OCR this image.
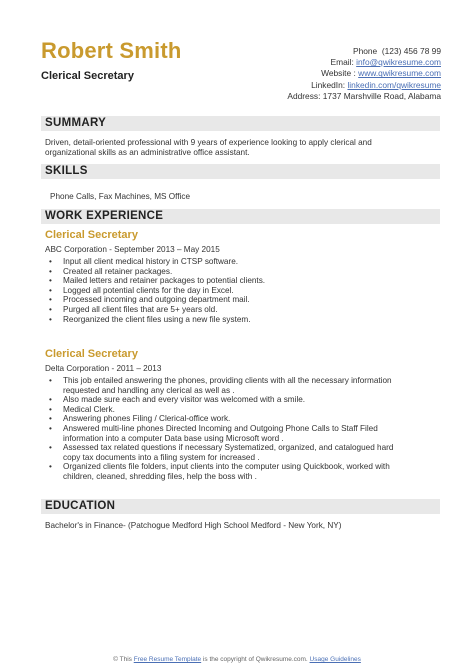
Robert Smith
Clerical Secretary
Phone (123) 456 78 99
Email: info@qwikresume.com
Website : www.qwikresume.com
LinkedIn: linkedin.com/qwikresume
Address: 1737 Marshville Road, Alabama
SUMMARY
Driven, detail-oriented professional with 9 years of experience looking to apply clerical and
organizational skills as an administrative office assistant.
SKILLS
Phone Calls, Fax Machines, MS Office
WORK EXPERIENCE
Clerical Secretary
ABC Corporation - September 2013 – May 2015
• Input all client medical history in CTSP software.
• Created all retainer packages.
• Mailed letters and retainer packages to potential clients.
• Logged all potential clients for the day in Excel.
• Processed incoming and outgoing department mail.
• Purged all client files that are 5+ years old.
• Reorganized the client files using a new file system.
Clerical Secretary
Delta Corporation - 2011 – 2013
• This job entailed answering the phones, providing clients with all the necessary information
requested and handling any clerical as well as .
• Also made sure each and every visitor was welcomed with a smile.
• Medical Clerk.
• Answering phones Filing / Clerical-office work.
• Answered multi-line phones Directed Incoming and Outgoing Phone Calls to Staff Filed
information into a computer Data base using Microsoft word .
• Assessed tax related questions if necessary Systematized, organized, and catalogued hard
copy tax documents into a filing system for increased .
• Organized clients file folders, input clients into the computer using Quickbook, worked with
children, cleaned, shredding files, help the boss with .
EDUCATION
Bachelor's in Finance- (Patchogue Medford High School Medford - New York, NY)
© This Free Resume Template is the copyright of Qwikresume.com. Usage Guidelines
